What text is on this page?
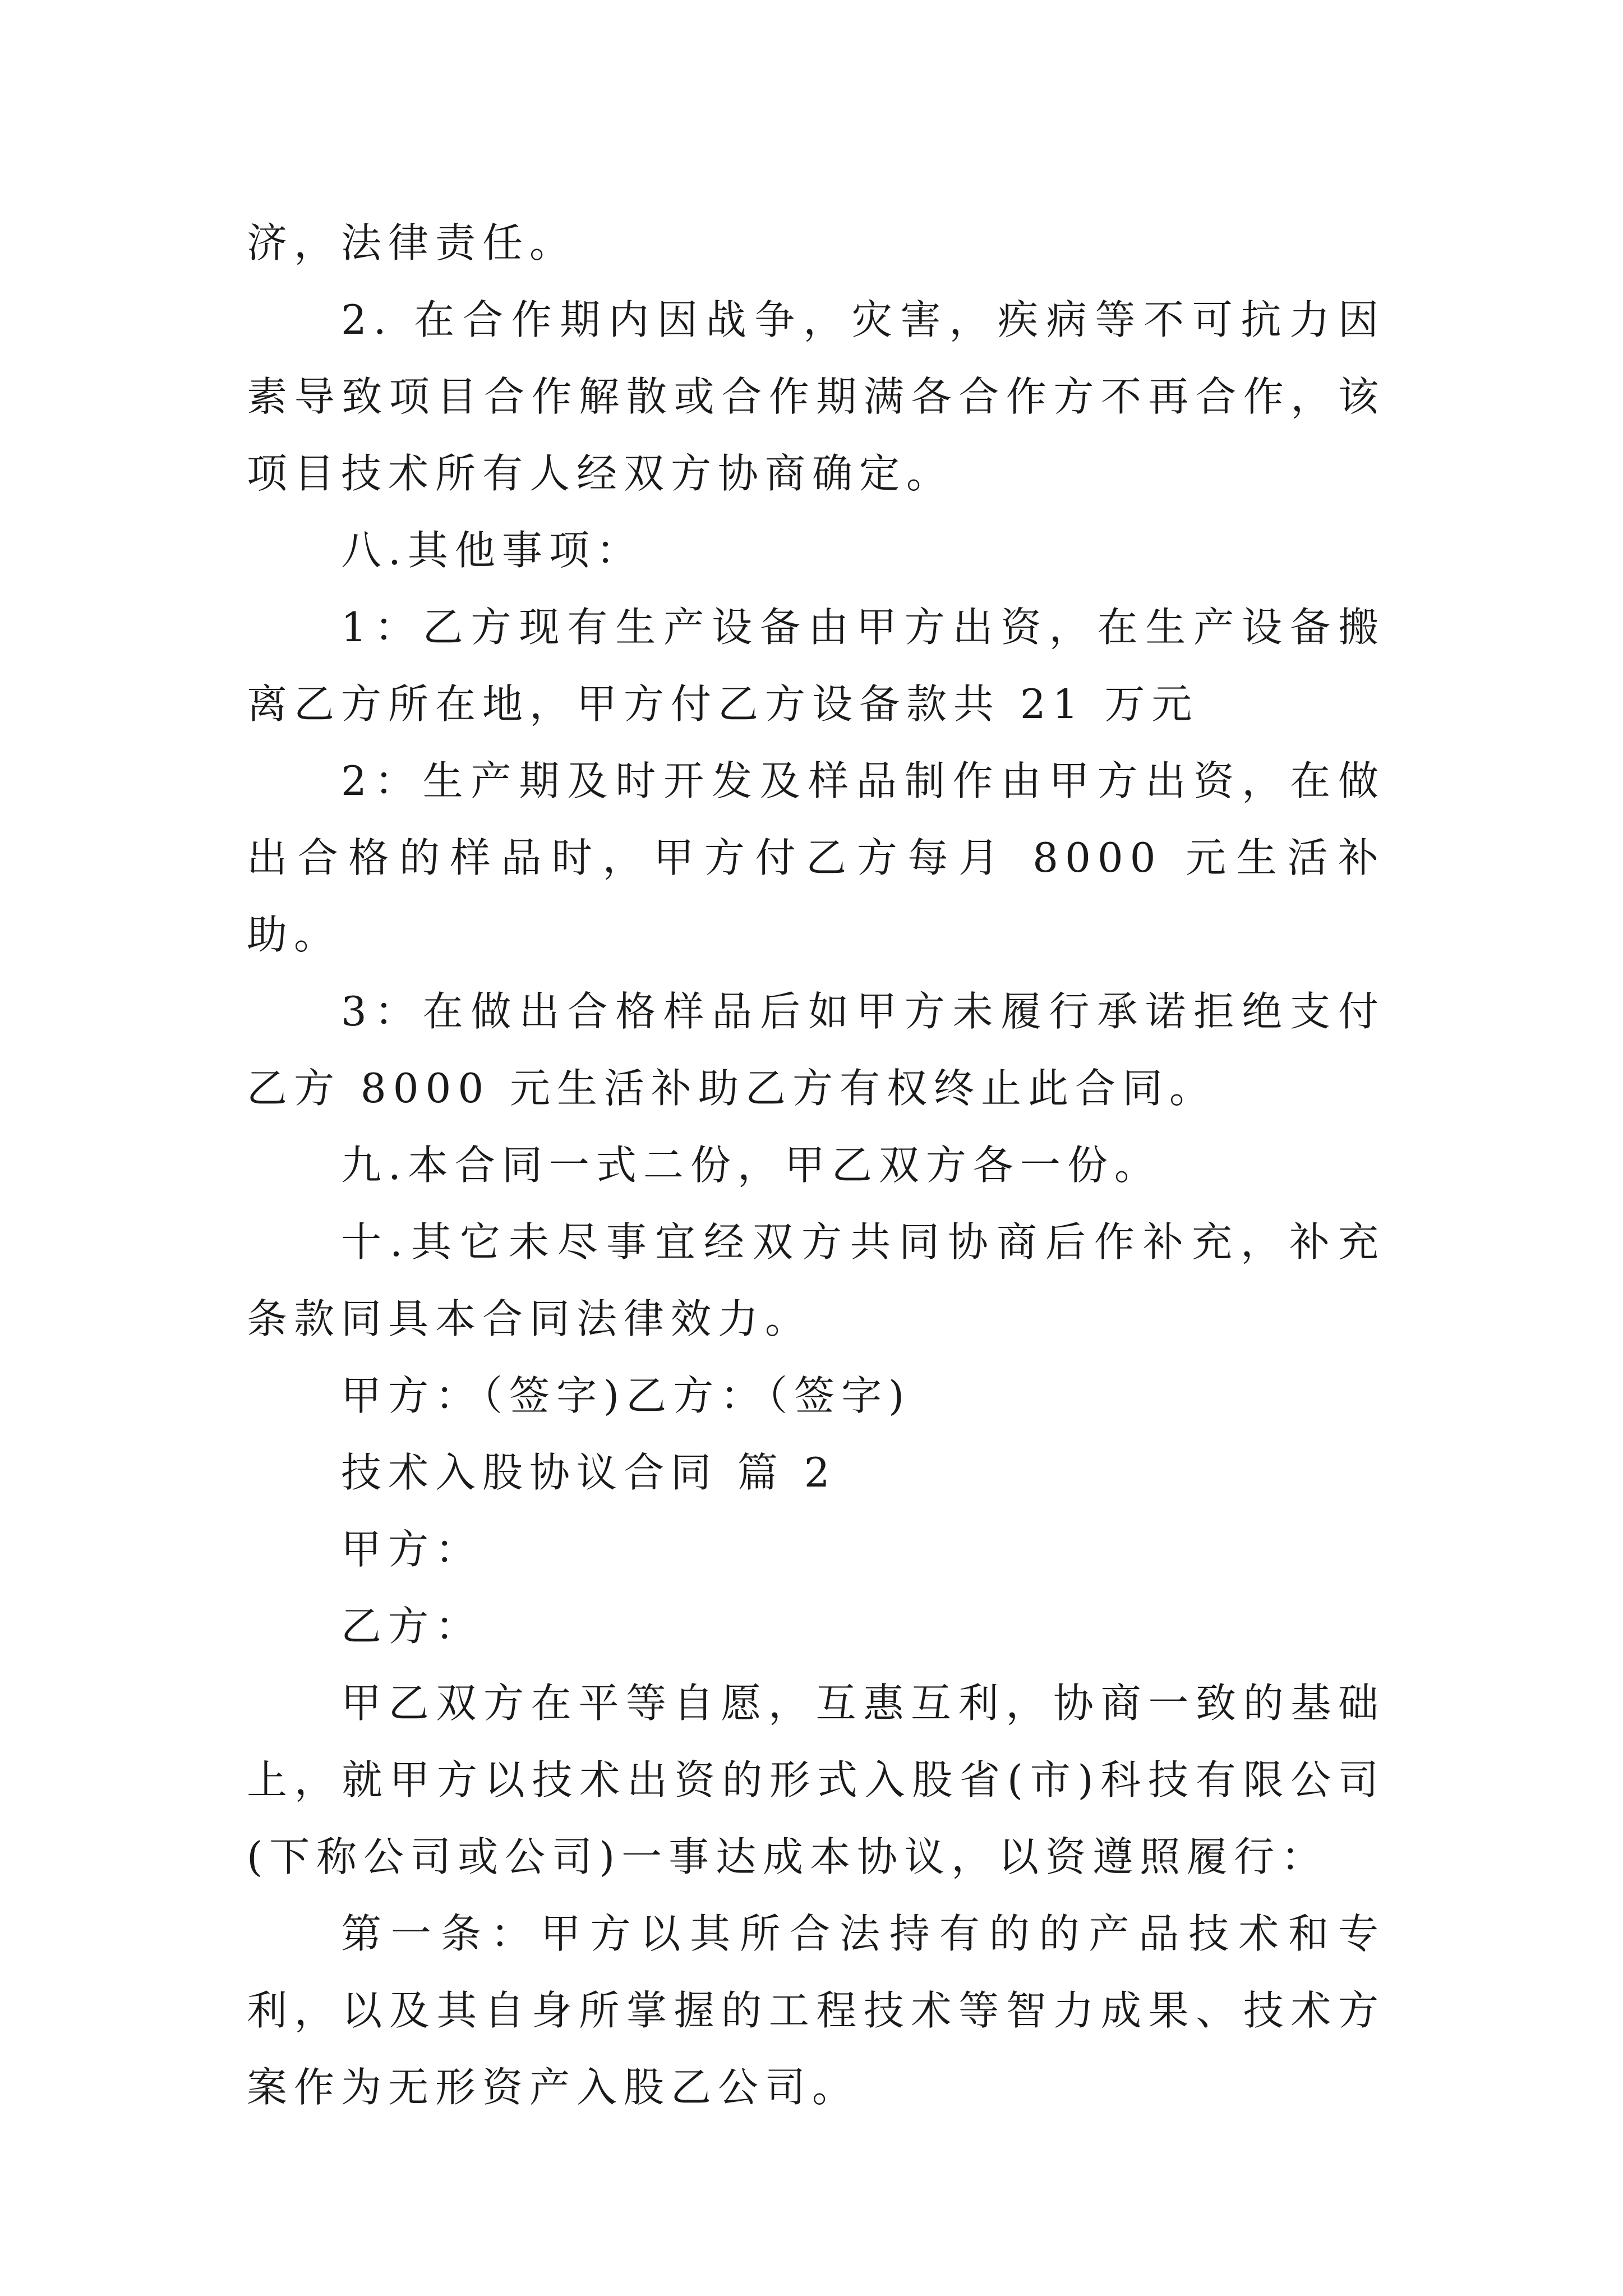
济，法律责任。

2. 在合作期内因战争，灾害，疾病等不可抗力因素导致项目合作解散或合作期满各合作方不再合作，该项目技术所有人经双方协商确定。

八.其他事项：

1：乙方现有生产设备由甲方出资，在生产设备搬离乙方所在地，甲方付乙方设备款共 21 万元

2：生产期及时开发及样品制作由甲方出资，在做出合格的样品时，甲方付乙方每月 8000 元生活补助。

3：在做出合格样品后如甲方未履行承诺拒绝支付乙方 8000 元生活补助乙方有权终止此合同。

九.本合同一式二份，甲乙双方各一份。

十.其它未尽事宜经双方共同协商后作补充，补充条款同具本合同法律效力。

甲方：（签字)乙方：（签字)

技术入股协议合同 篇 2

甲方：

乙方：

甲乙双方在平等自愿，互惠互利，协商一致的基础上，就甲方以技术出资的形式入股省(市)科技有限公司(下称公司或公司)一事达成本协议，以资遵照履行：

第一条：甲方以其所合法持有的的产品技术和专利，以及其自身所掌握的工程技术等智力成果、技术方案作为无形资产入股乙公司。
